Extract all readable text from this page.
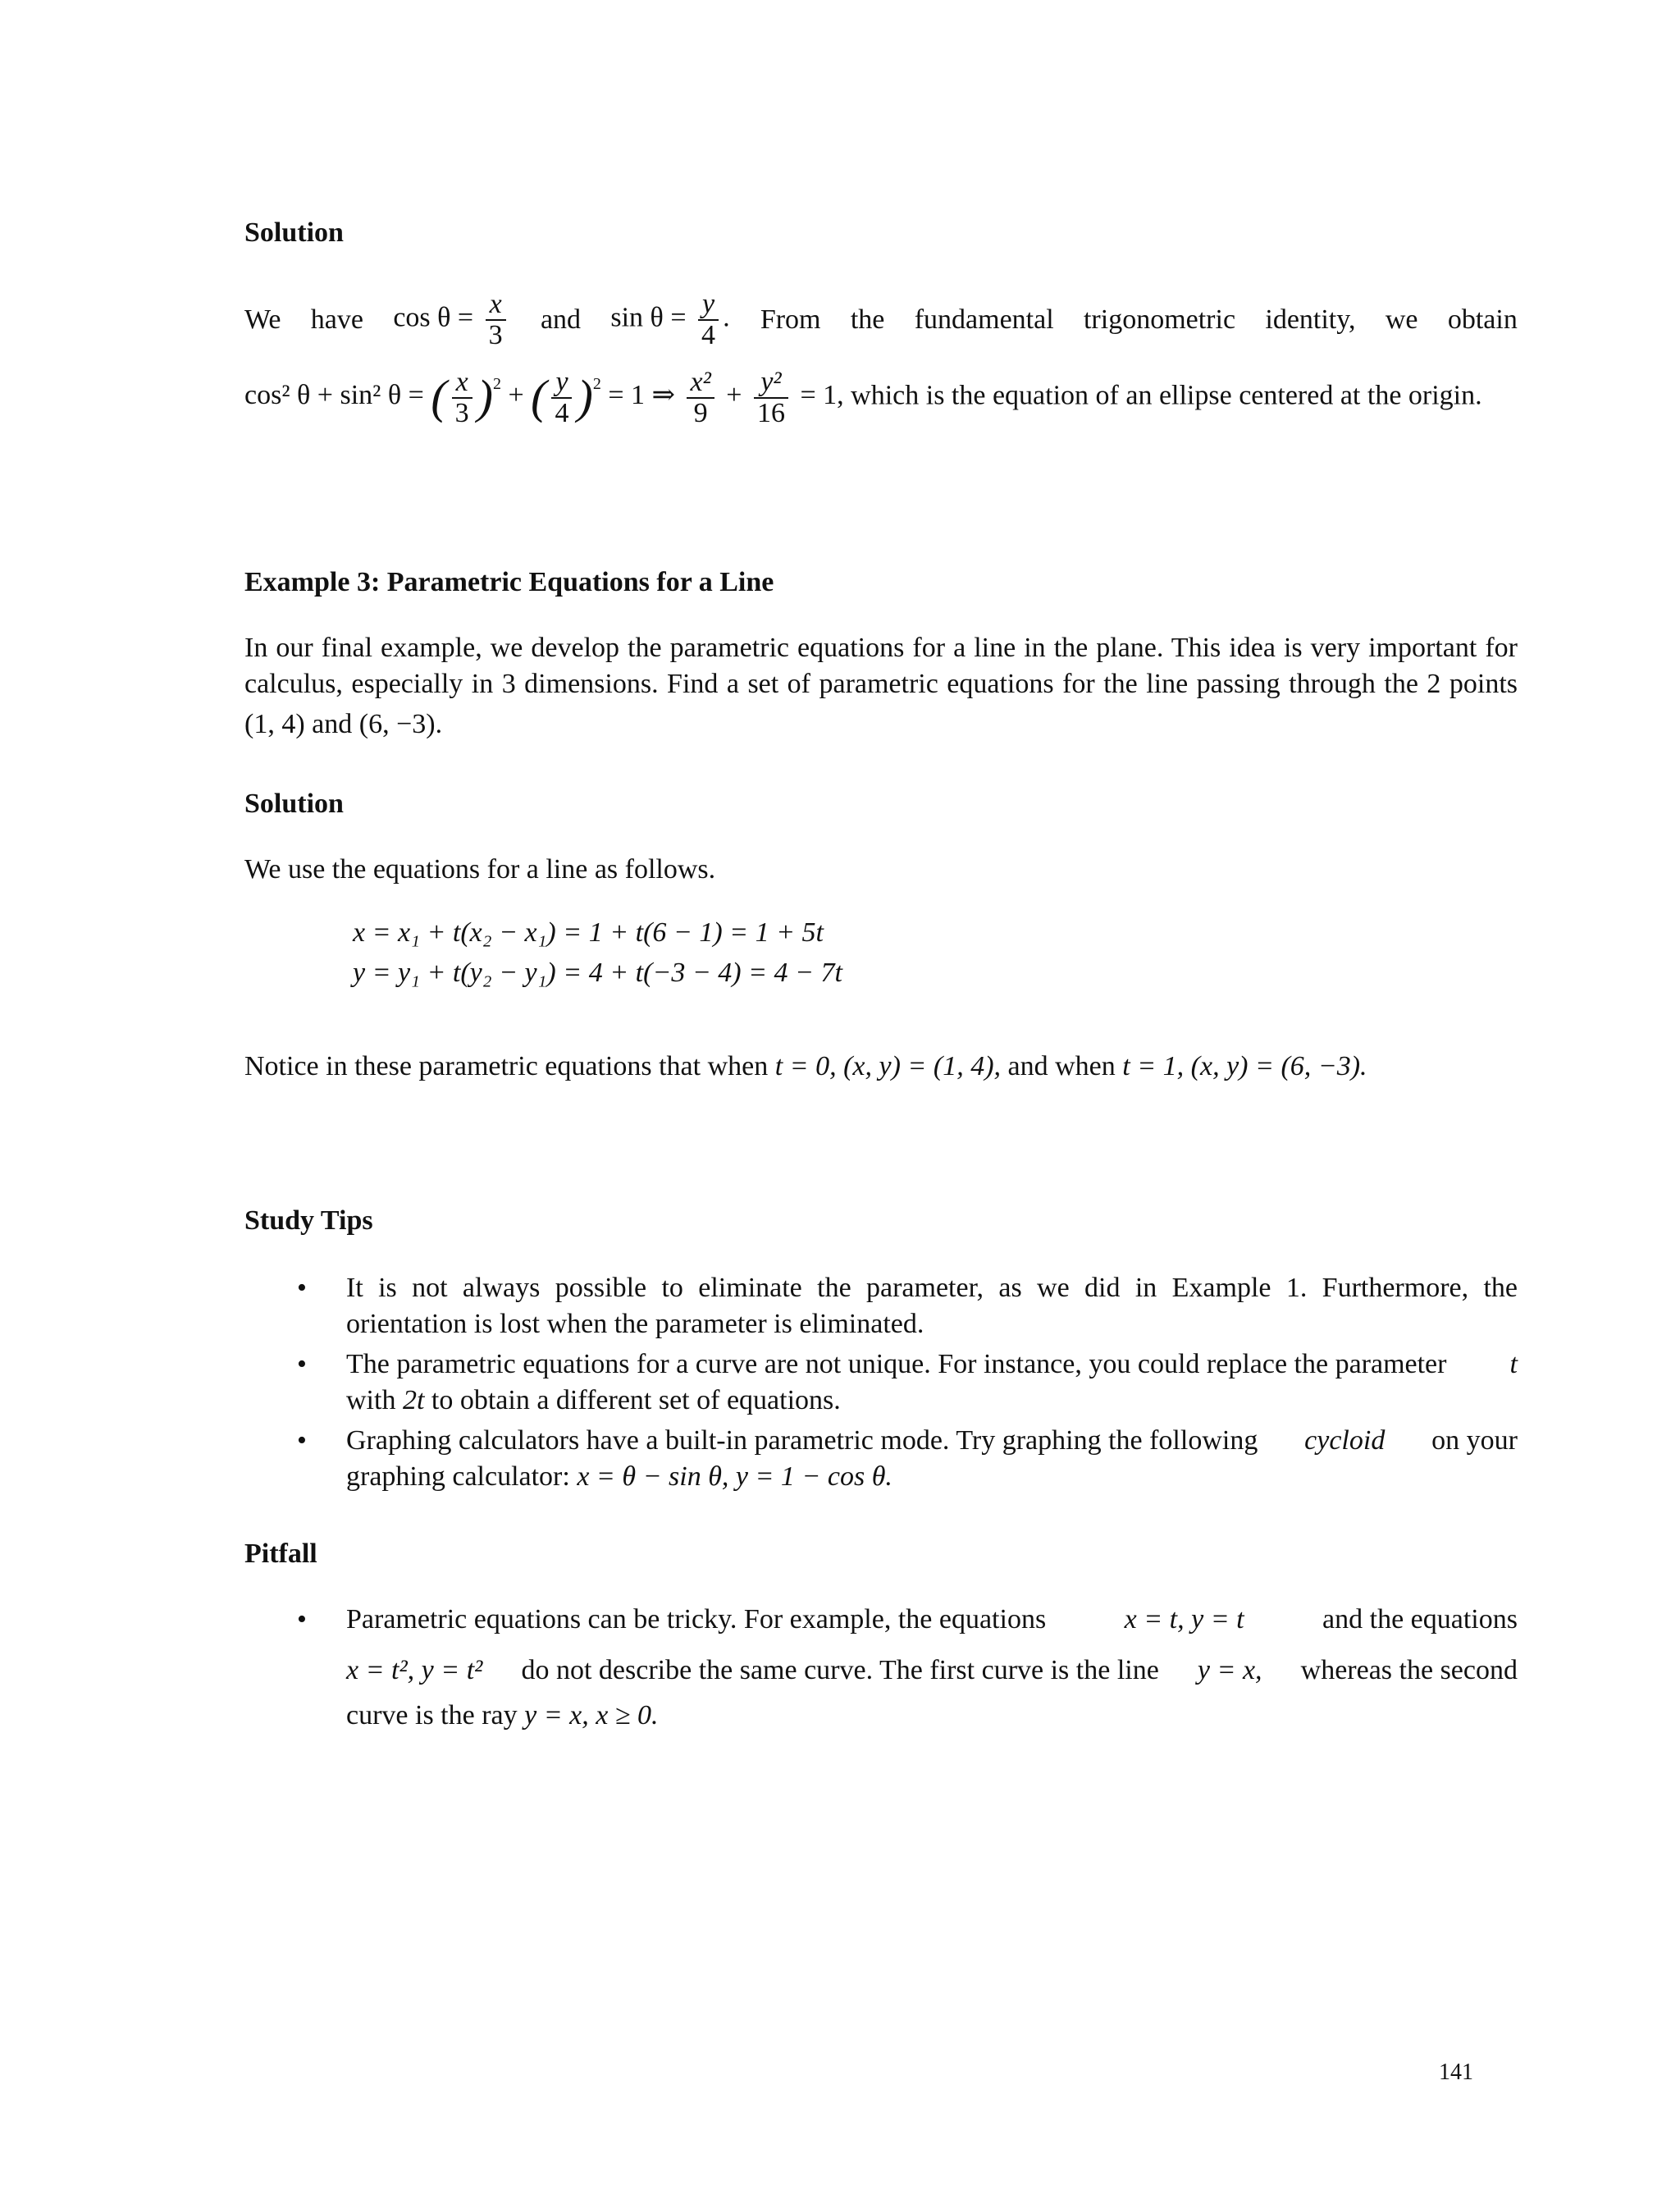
Solution
We have $\cos \theta = \frac{x}{3}$ and $\sin \theta = \frac{y}{4}$ . From the fundamental trigonometric identity, we obtain
cos² θ + sin² θ = ( $\frac{x}{3} )^2$ + ( $\frac{y}{4} )^2 = 1$ ⇒ $\frac{\text{x²}}{9} + \frac{\text{y²}}{16} = 1$, which is the equation of an ellipse centered at the origin.
Example 3: Parametric Equations for a Line
In our final example, we develop the parametric equations for a line in the plane. This idea is very important for
calculus, especially in 3 dimensions. Find a set of parametric equations for the line passing through the 2 points
(1, 4) and (6, −3).
Solution
We use the equations for a line as follows.
x = x₁ + t(x₂ − x₁) = 1 + t(6 − 1) = 1 + 5t
y = y₁ + t(y₂ − y₁) = 4 + t(−3 − 4) = 4 − 7t
Notice in these parametric equations that when t = 0, (x, y) = (1, 4), and when t = 1, (x, y) = (6, −3).
Study Tips
• It is not always possible to eliminate the parameter, as we did in Example 1. Furthermore, the
orientation is lost when the parameter is eliminated.
• The parametric equations for a curve are not unique. For instance, you could replace the parameter t
with 2t to obtain a different set of equations.
• Graphing calculators have a built-in parametric mode. Try graphing the following cycloid on your
graphing calculator: x = θ − sin θ, y = 1 − cos θ.
Pitfall
• Parametric equations can be tricky. For example, the equations	x = t, y = t	and the equations
x = t², y = t² do not describe the same curve. The first curve is the line y = x, whereas the second
curve is the ray y = x, x ≥ 0.
141
